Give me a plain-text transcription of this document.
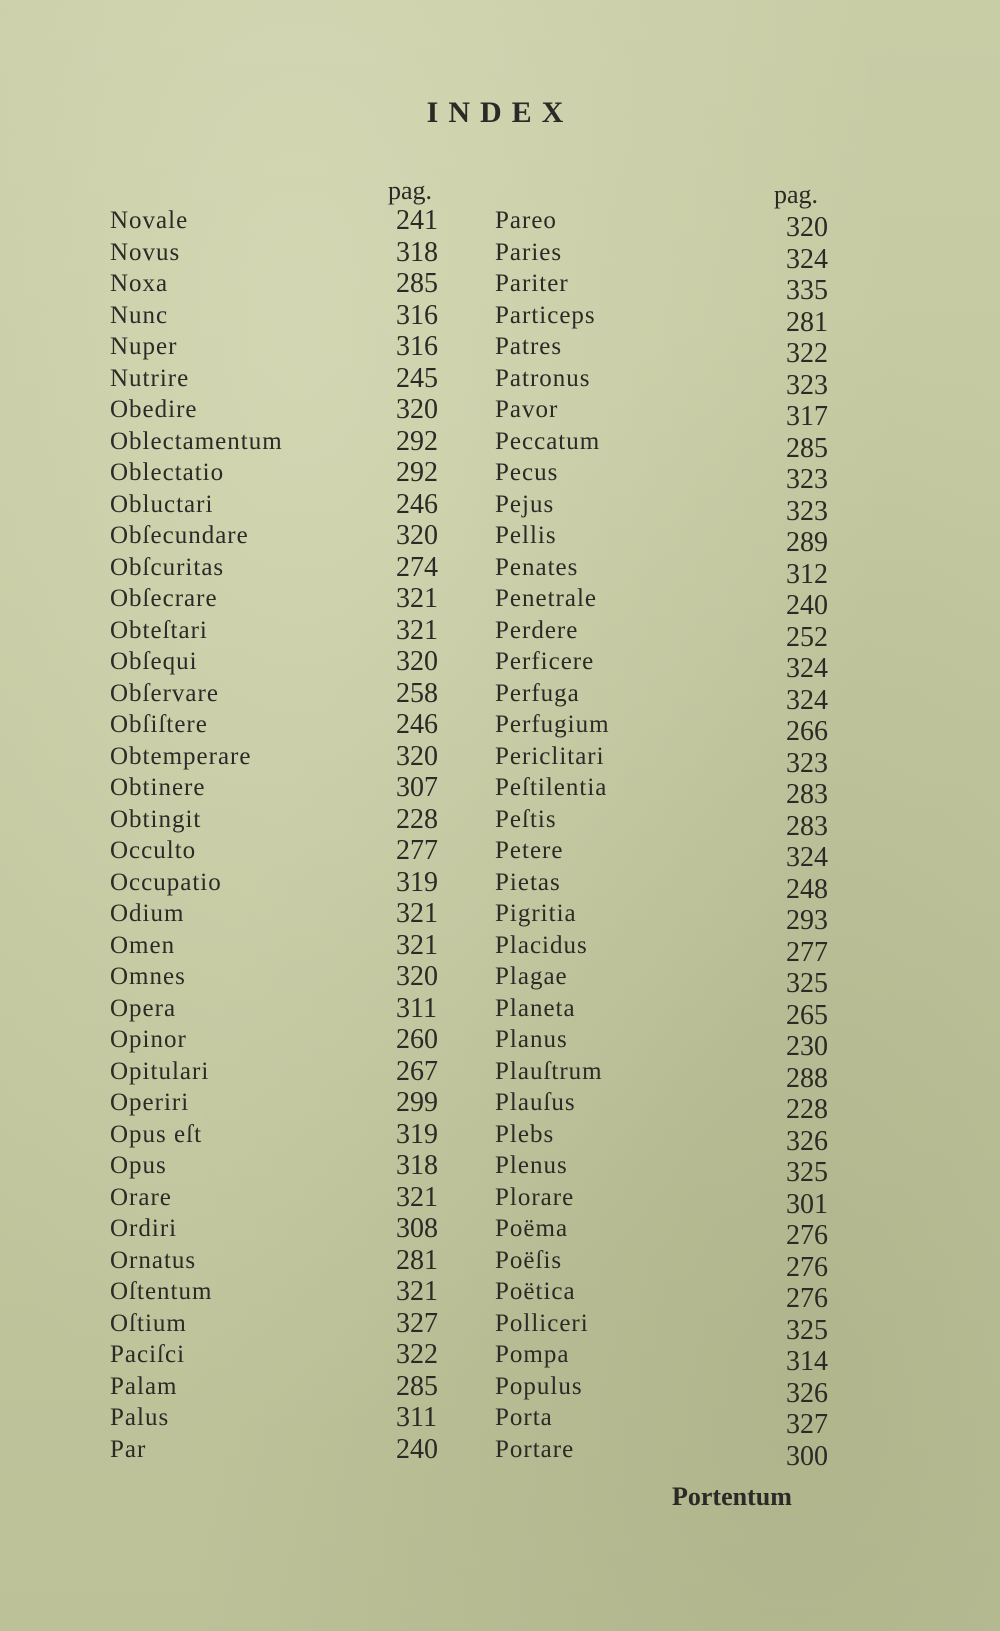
INDEX
pag.	pag.
Novale
Novus
Noxa
Nunc
Nuper
Nutrire
Obedire
Oblectamentum
Oblectatio
Obluctari
Obſecundare
Obſcuritas
Obſecrare
Obteſtari
Obſequi
Obſervare
Obſiſtere
Obtemperare
Obtinere
Obtingit
Occulto
Occupatio
Odium
Omen
Omnes
Opera
Opinor
Opitulari
Operiri
Opus eſt
Opus
Orare
Ordiri
Ornatus
Oſtentum
Oſtium
Paciſci
Palam
Palus
Par
241
318
285
316
316
245
320
292
292
246
320
274
321
321
320
258
246
320
307
228
277
319
321
321
320
311
260
267
299
319
318
321
308
281
321
327
322
285
311
240
Pareo
Paries
Pariter
Particeps
Patres
Patronus
Pavor
Peccatum
Pecus
Pejus
Pellis
Penates
Penetrale
Perdere
Perficere
Perfuga
Perfugium
Periclitari
Peſtilentia
Peſtis
Petere
Pietas
Pigritia
Placidus
Plagae
Planeta
Planus
Plauſtrum
Plauſus
Plebs
Plenus
Plorare
Poëma
Poëſis
Poëtica
Polliceri
Pompa
Populus
Porta
Portare
320
324
335
281
322
323
317
285
323
323
289
312
240
252
324
324
266
323
283
283
324
248
293
277
325
265
230
288
228
326
325
301
276
276
276
325
314
326
327
300
Portentum
